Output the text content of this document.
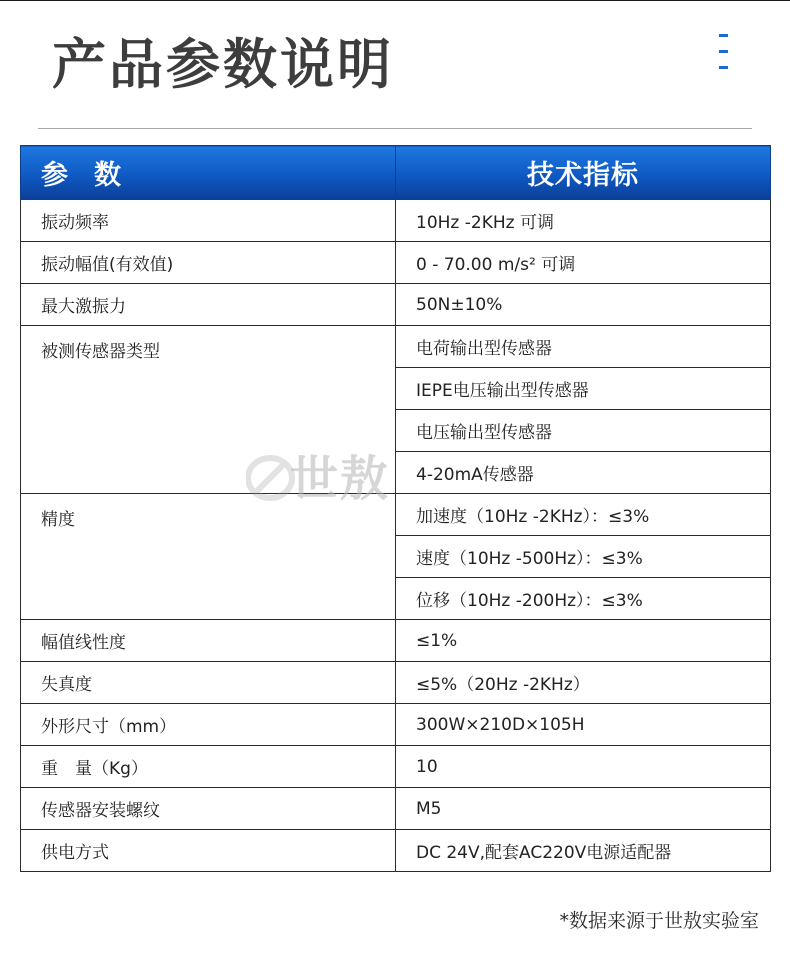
产品参数说明
参数	技术指标
振动频率	10Hz -2KHz 可调
振动幅值(有效值)	0 - 70.00 m/s² 可调
最大激振力	50N±10%
被测传感器类型	电荷输出型传感器
	IEPE电压输出型传感器
	电压输出型传感器
	4-20mA传感器
精度	加速度（10Hz -2KHz）：≤3%
	速度（10Hz -500Hz）：≤3%
	位移（10Hz -200Hz）：≤3%
幅值线性度	≤1%
失真度	≤5%（20Hz -2KHz）
外形尺寸（mm）	300W×210D×105H
重　量（Kg）	10
传感器安装螺纹	M5
供电方式	DC 24V,配套AC220V电源适配器
世敖
*数据来源于世敖实验室
